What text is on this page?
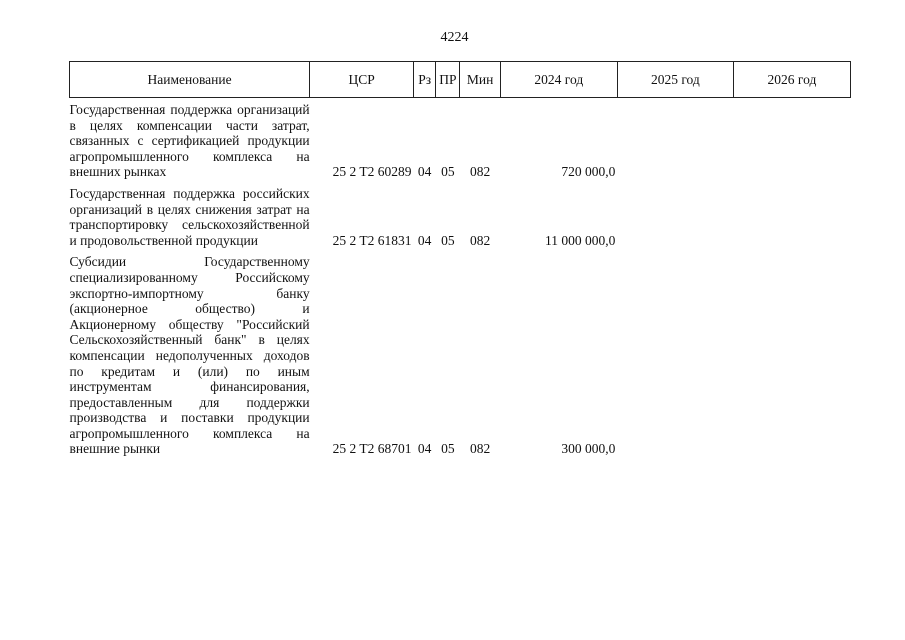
4224
Наименование	ЦСР	Рз	ПР	Мин	2024 год	2025 год	2026 год

Государственная поддержка организаций в целях компенсации части затрат, связанных с сертификацией продукции агропромышленного комплекса на внешних рынках	25 2 T2 60289	04	05	082	720 000,0		

Государственная поддержка российских организаций в целях снижения затрат на транспортировку сельскохозяйственной и продовольственной продукции	25 2 T2 61831	04	05	082	11 000 000,0		

Субсидии Государственному специализированному Российскому экспортно-импортному банку (акционерное общество) и Акционерному обществу "Российский Сельскохозяйственный банк" в целях компенсации недополученных доходов по кредитам и (или) по иным инструментам финансирования, предоставленным для поддержки производства и поставки продукции агропромышленного комплекса на внешние рынки	25 2 T2 68701	04	05	082	300 000,0		
